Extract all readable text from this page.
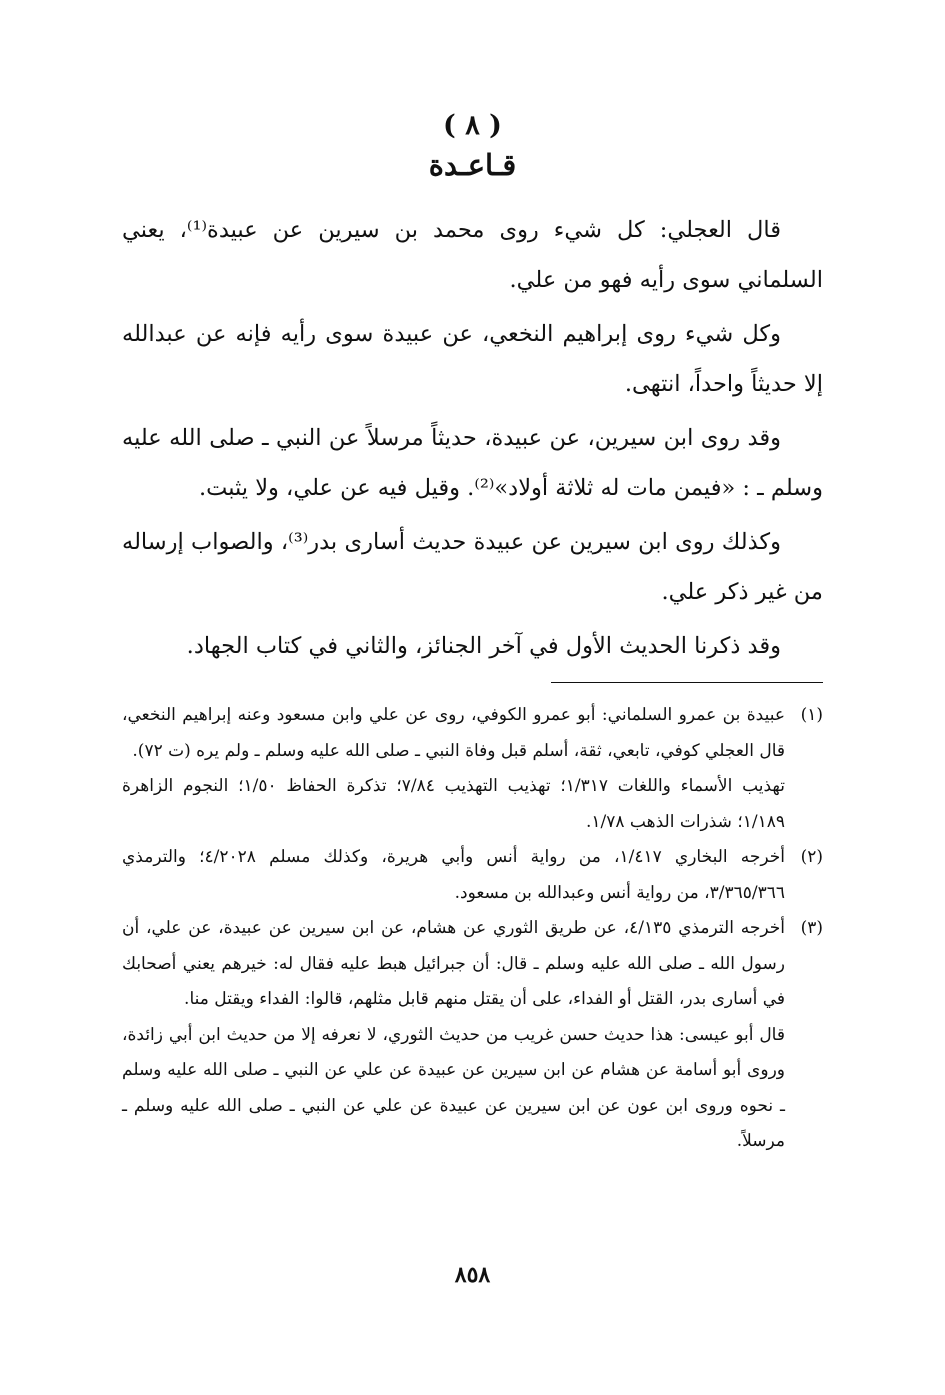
( ٨ )
قـاعـدة

قال العجلي: كل شيء روى محمد بن سيرين عن عبيدة⁽¹⁾، يعني السلماني سوى رأيه فهو من علي.

وكل شيء روى إبراهيم النخعي، عن عبيدة سوى رأيه فإنه عن عبدالله إلا حديثاً واحداً، انتهى.

وقد روى ابن سيرين، عن عبيدة، حديثاً مرسلاً عن النبي ـ صلى الله عليه وسلم ـ : «فيمن مات له ثلاثة أولاد»⁽²⁾. وقيل فيه عن علي، ولا يثبت.

وكذلك روى ابن سيرين عن عبيدة حديث أسارى بدر⁽³⁾، والصواب إرساله من غير ذكر علي.

وقد ذكرنا الحديث الأول في آخر الجنائز، والثاني في كتاب الجهاد.

(١)

عبيدة بن عمرو السلماني: أبو عمرو الكوفي، روى عن علي وابن مسعود وعنه إبراهيم النخعي، قال العجلي كوفي، تابعي، ثقة، أسلم قبل وفاة النبي ـ صلى الله عليه وسلم ـ ولم يره (ت ٧٢).

تهذيب الأسماء واللغات ١/٣١٧؛ تهذيب التهذيب ٧/٨٤؛ تذكرة الحفاظ ١/٥٠؛ النجوم الزاهرة ١/١٨٩؛ شذرات الذهب ١/٧٨.

(٢)

أخرجه البخاري ١/٤١٧، من رواية أنس وأبي هريرة، وكذلك مسلم ٤/٢٠٢٨؛ والترمذي ٣/٣٦٥/٣٦٦، من رواية أنس وعبدالله بن مسعود.

(٣)

أخرجه الترمذي ٤/١٣٥، عن طريق الثوري عن هشام، عن ابن سيرين عن عبيدة، عن علي، أن رسول الله ـ صلى الله عليه وسلم ـ قال: أن جبرائيل هبط عليه فقال له: خيرهم يعني أصحابك في أسارى بدر، القتل أو الفداء، على أن يقتل منهم قابل مثلهم، قالوا: الفداء ويقتل منا.

قال أبو عيسى: هذا حديث حسن غريب من حديث الثوري، لا نعرفه إلا من حديث ابن أبي زائدة، وروى أبو أسامة عن هشام عن ابن سيرين عن عبيدة عن علي عن النبي ـ صلى الله عليه وسلم ـ نحوه وروى ابن عون عن ابن سيرين عن عبيدة عن علي عن النبي ـ صلى الله عليه وسلم ـ مرسلاً.

٨٥٨
